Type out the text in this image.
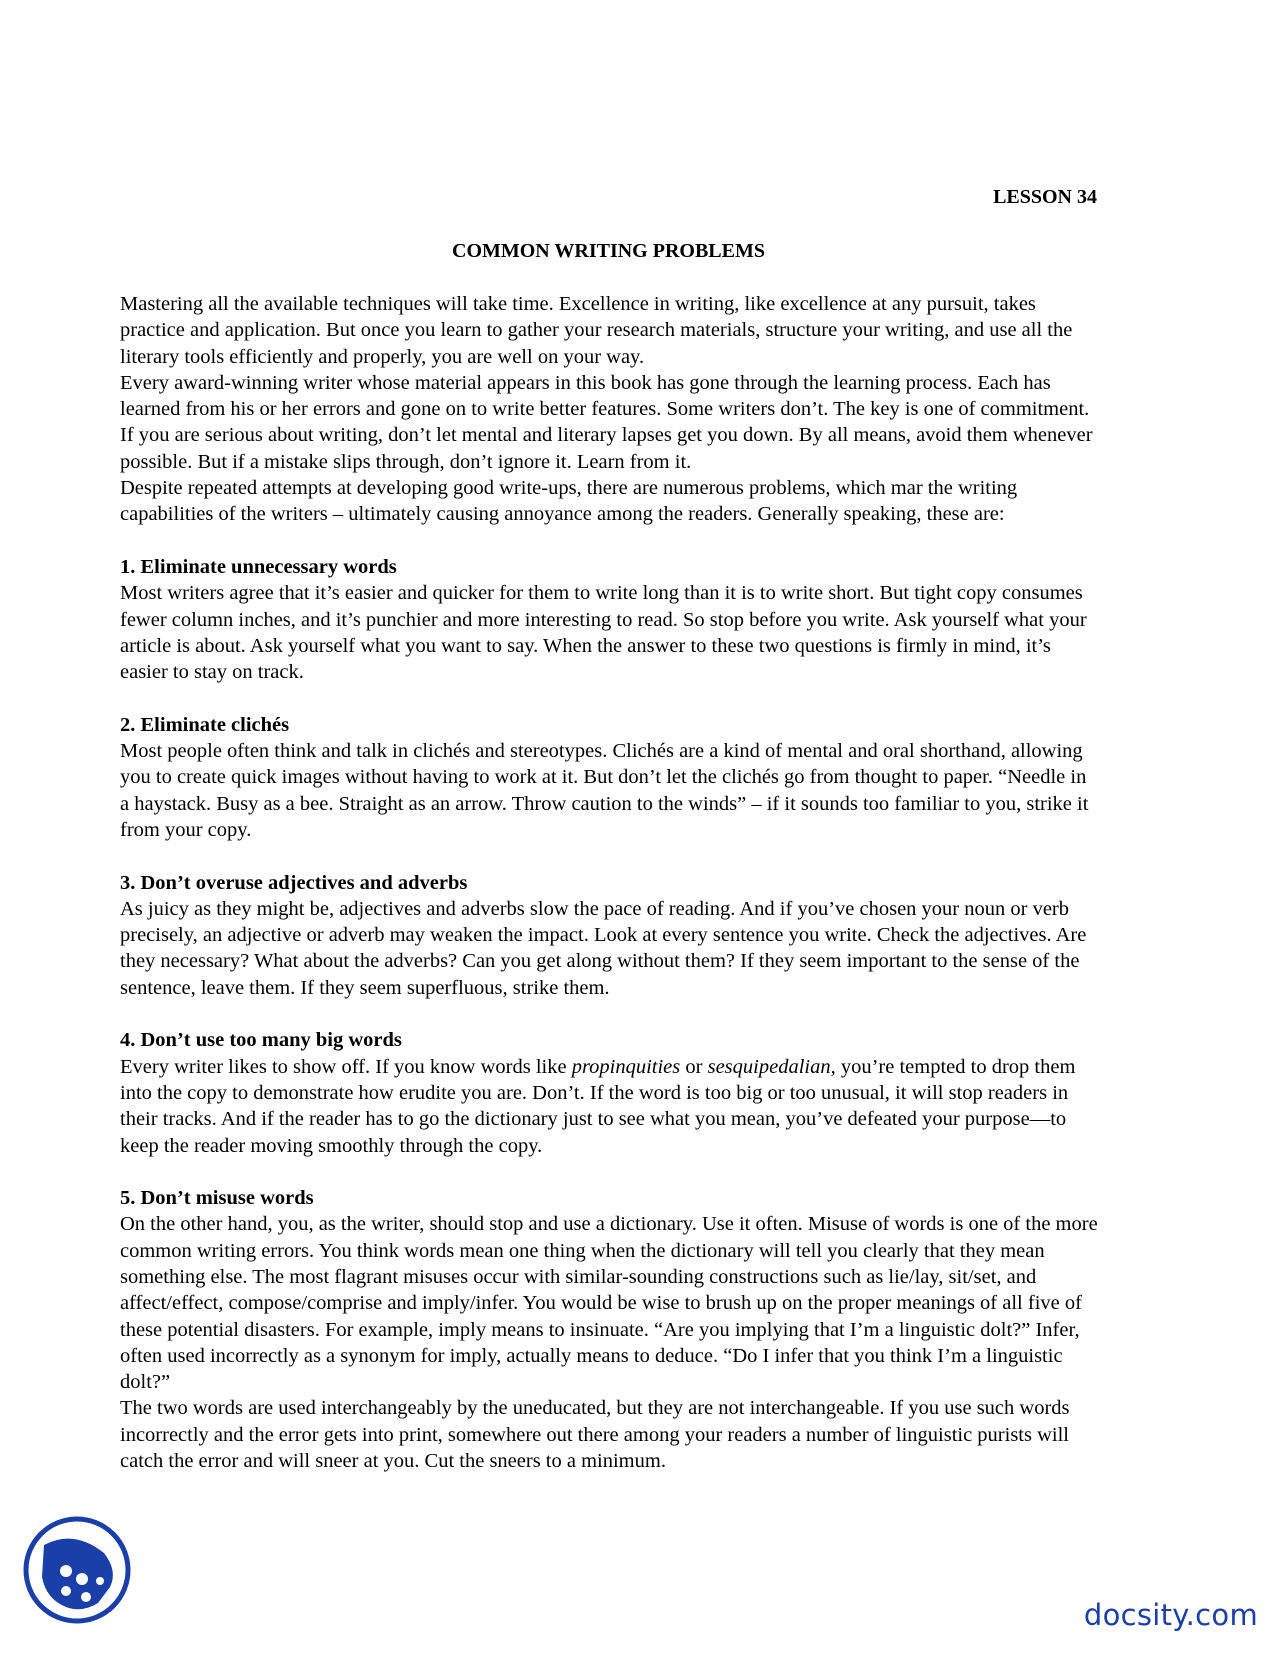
LESSON 34
COMMON WRITING PROBLEMS

Mastering all the available techniques will take time. Excellence in writing, like excellence at any pursuit, takes practice and application. But once you learn to gather your research materials, structure your writing, and use all the literary tools efficiently and properly, you are well on your way.

Every award-winning writer whose material appears in this book has gone through the learning process. Each has learned from his or her errors and gone on to write better features. Some writers don’t. The key is one of commitment. If you are serious about writing, don’t let mental and literary lapses get you down. By all means, avoid them whenever possible. But if a mistake slips through, don’t ignore it. Learn from it.

Despite repeated attempts at developing good write-ups, there are numerous problems, which mar the writing capabilities of the writers – ultimately causing annoyance among the readers. Generally speaking, these are:

1. Eliminate unnecessary words

Most writers agree that it’s easier and quicker for them to write long than it is to write short. But tight copy consumes fewer column inches, and it’s punchier and more interesting to read. So stop before you write. Ask yourself what your article is about. Ask yourself what you want to say. When the answer to these two questions is firmly in mind, it’s easier to stay on track.

2. Eliminate clichés

Most people often think and talk in clichés and stereotypes. Clichés are a kind of mental and oral shorthand, allowing you to create quick images without having to work at it. But don’t let the clichés go from thought to paper. “Needle in a haystack. Busy as a bee. Straight as an arrow. Throw caution to the winds” – if it sounds too familiar to you, strike it from your copy.

3. Don’t overuse adjectives and adverbs

As juicy as they might be, adjectives and adverbs slow the pace of reading. And if you’ve chosen your noun or verb precisely, an adjective or adverb may weaken the impact. Look at every sentence you write. Check the adjectives. Are they necessary? What about the adverbs? Can you get along without them? If they seem important to the sense of the sentence, leave them. If they seem superfluous, strike them.

4. Don’t use too many big words

Every writer likes to show off. If you know words like propinquities or sesquipedalian, you’re tempted to drop them into the copy to demonstrate how erudite you are. Don’t. If the word is too big or too unusual, it will stop readers in their tracks. And if the reader has to go the dictionary just to see what you mean, you’ve defeated your purpose—to keep the reader moving smoothly through the copy.

5. Don’t misuse words

On the other hand, you, as the writer, should stop and use a dictionary. Use it often. Misuse of words is one of the more common writing errors. You think words mean one thing when the dictionary will tell you clearly that they mean something else. The most flagrant misuses occur with similar-sounding constructions such as lie/lay, sit/set, and affect/effect, compose/comprise and imply/infer. You would be wise to brush up on the proper meanings of all five of these potential disasters. For example, imply means to insinuate. “Are you implying that I’m a linguistic dolt?” Infer, often used incorrectly as a synonym for imply, actually means to deduce. “Do I infer that you think I’m a linguistic dolt?”

The two words are used interchangeably by the uneducated, but they are not interchangeable. If you use such words incorrectly and the error gets into print, somewhere out there among your readers a number of linguistic purists will catch the error and will sneer at you. Cut the sneers to a minimum.

docsity.com
